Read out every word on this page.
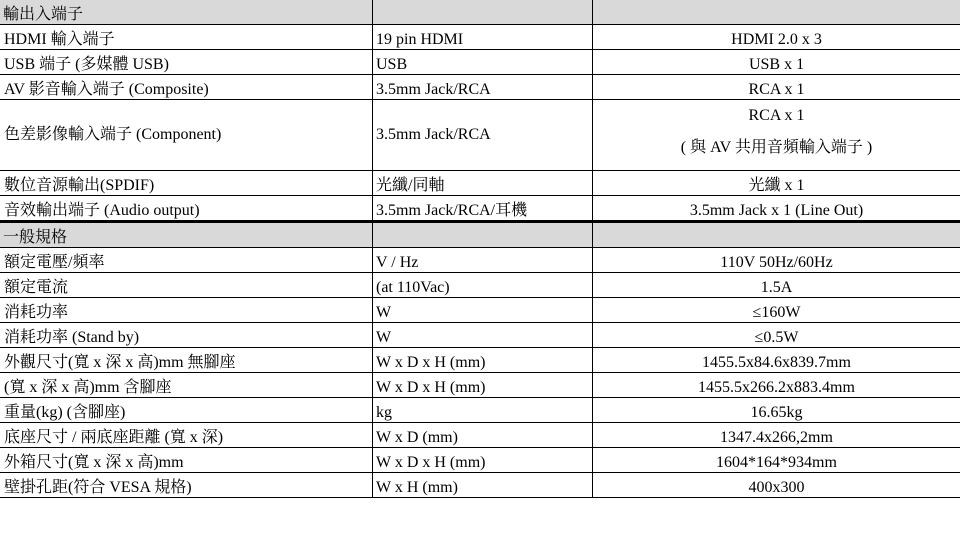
輸出入端子		
HDMI 輸入端子	19 pin HDMI	HDMI 2.0 x 3
USB 端子 (多媒體 USB)	USB	USB x 1
AV 影音輸入端子 (Composite)	3.5mm Jack/RCA	RCA x 1
色差影像輸入端子 (Component)	3.5mm Jack/RCA	RCA x 1
( 與 AV 共用音頻輸入端子 )

數位音源輸出(SPDIF)	光纖/同軸	光纖 x 1
音效輸出端子 (Audio output)	3.5mm Jack/RCA/耳機	3.5mm Jack x 1 (Line Out)
一般規格		
額定電壓/頻率	V / Hz	110V 50Hz/60Hz
額定電流	(at 110Vac)	1.5A
消耗功率	W	≤160W
消耗功率 (Stand by)	W	≤0.5W
外觀尺寸(寬 x 深 x 高)mm 無腳座	W x D x H (mm)	1455.5x84.6x839.7mm
(寬 x 深 x 高)mm 含腳座	W x D x H (mm)	1455.5x266.2x883.4mm
重量(kg) (含腳座)	kg	16.65kg
底座尺寸 / 兩底座距離 (寬 x 深)	W x D (mm)	1347.4x266,2mm
外箱尺寸(寬 x 深 x 高)mm	W x D x H (mm)	1604*164*934mm
壁掛孔距(符合 VESA 規格)	W x H (mm)	400x300
